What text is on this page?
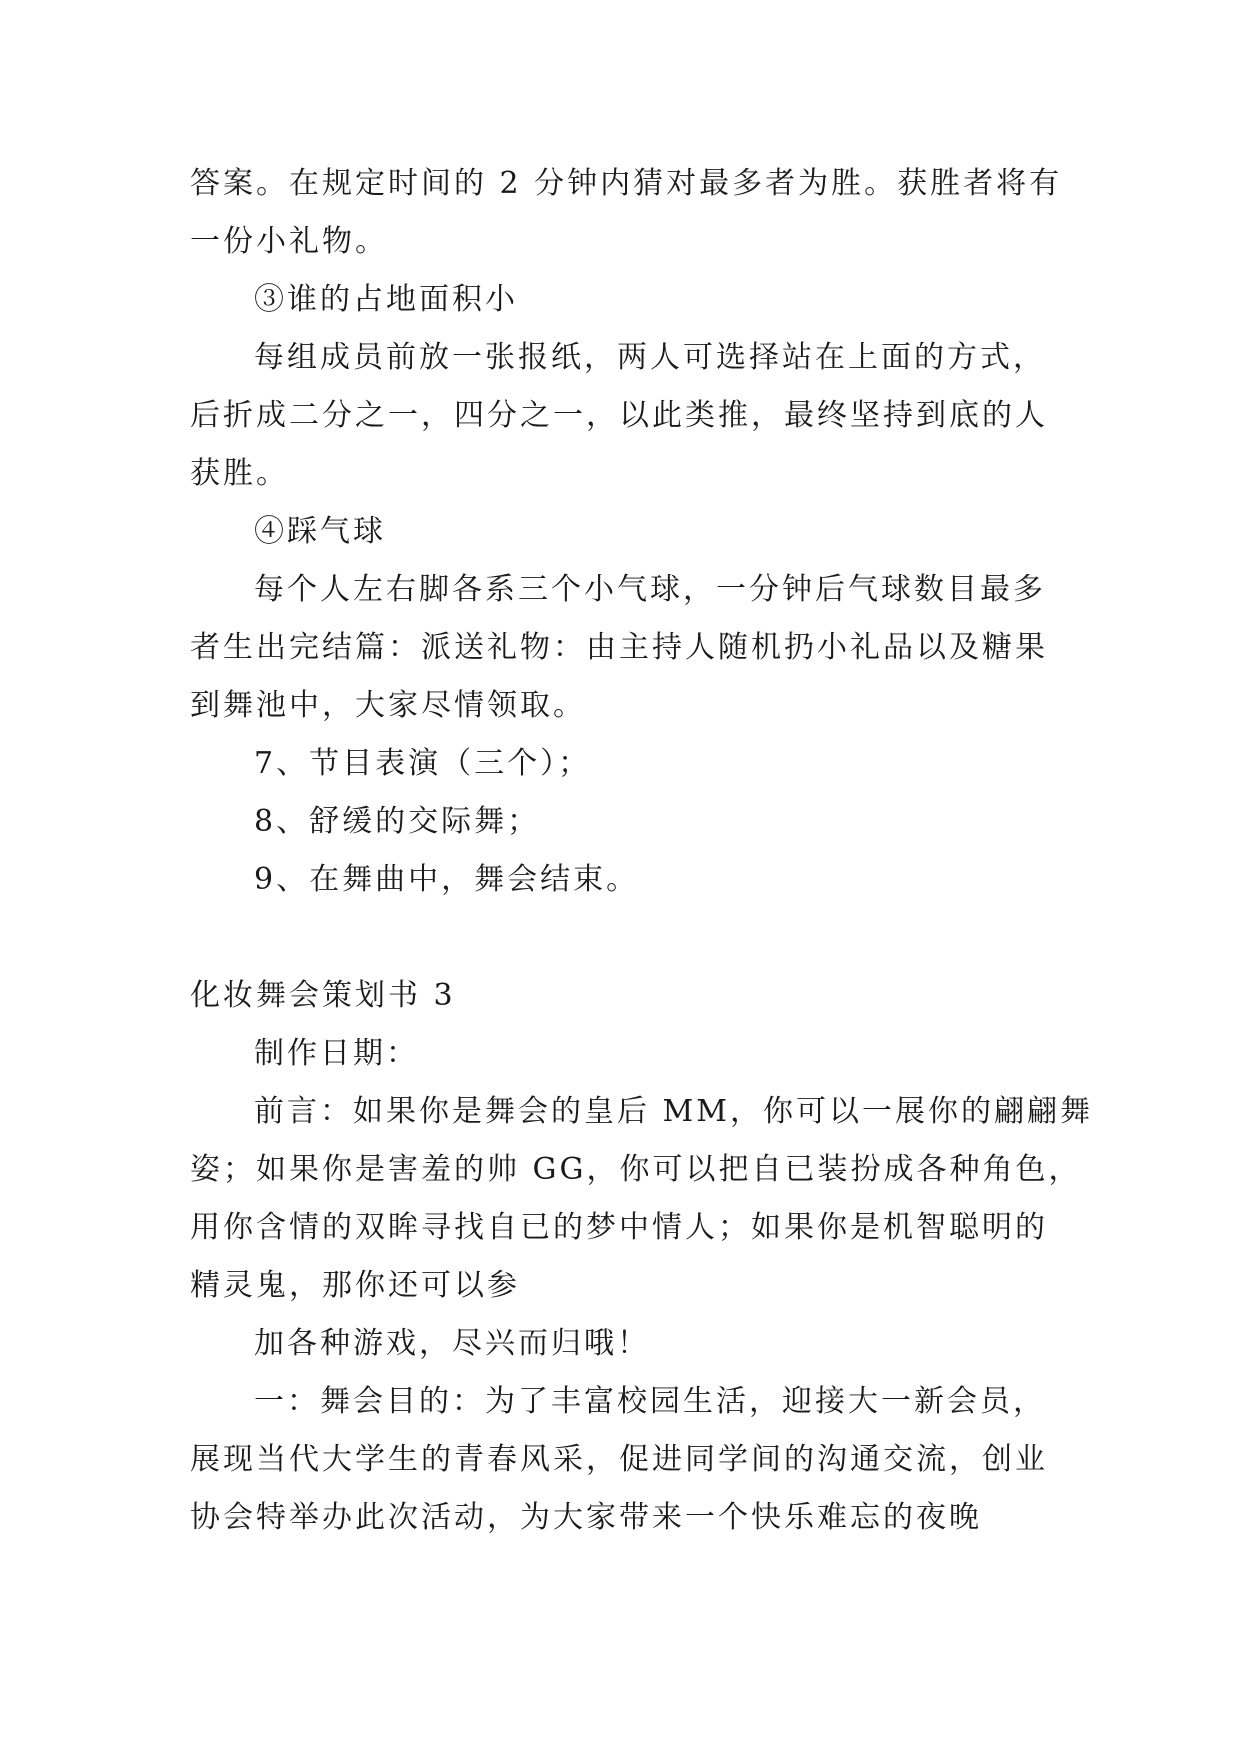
答案。在规定时间的 2 分钟内猜对最多者为胜。获胜者将有
一份小礼物。
③谁的占地面积小
每组成员前放一张报纸，两人可选择站在上面的方式，
后折成二分之一，四分之一，以此类推，最终坚持到底的人
获胜。
④踩气球
每个人左右脚各系三个小气球，一分钟后气球数目最多
者生出完结篇：派送礼物：由主持人随机扔小礼品以及糖果
到舞池中，大家尽情领取。
7、节目表演（三个）；
8、舒缓的交际舞；
9、在舞曲中，舞会结束。
化妆舞会策划书 3
制作日期：
前言：如果你是舞会的皇后 MM，你可以一展你的翩翩舞
姿；如果你是害羞的帅 GG，你可以把自已装扮成各种角色，
用你含情的双眸寻找自已的梦中情人；如果你是机智聪明的
精灵鬼，那你还可以参
加各种游戏，尽兴而归哦！
一：舞会目的：为了丰富校园生活，迎接大一新会员，
展现当代大学生的青春风采，促进同学间的沟通交流，创业
协会特举办此次活动，为大家带来一个快乐难忘的夜晚
